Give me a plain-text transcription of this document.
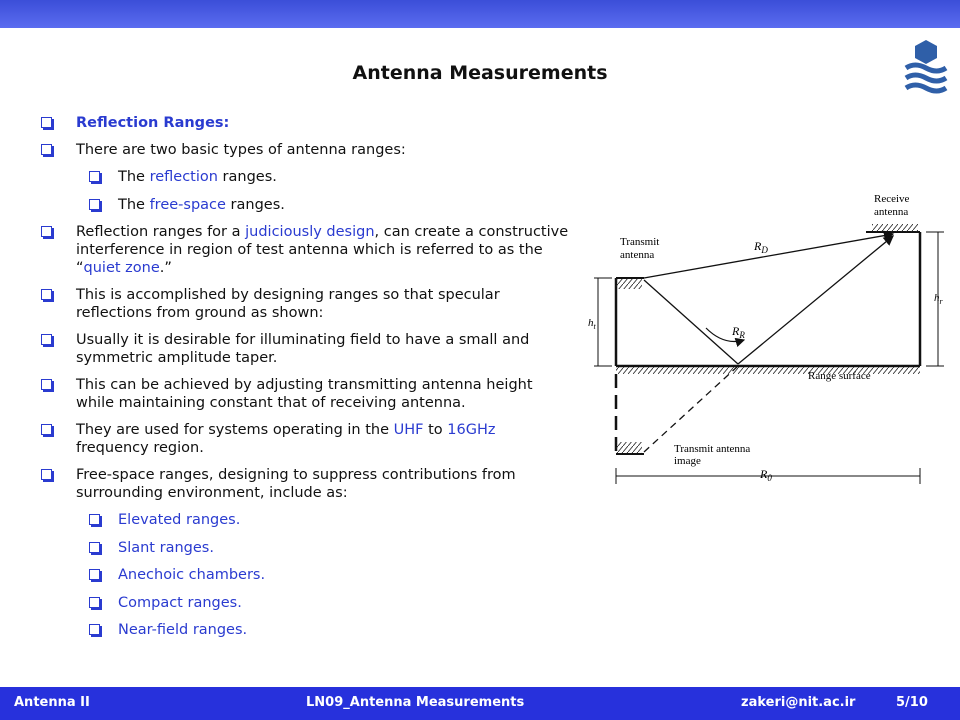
Antenna Measurements
Reflection Ranges:
There are two basic types of antenna ranges:
The reflection ranges.
The free-space ranges.
Reflection ranges for a judiciously design, can create a constructive interference in region of test antenna which is referred to as the “quiet zone.”
This is accomplished by designing ranges so that specular reflections from ground as shown:
Usually it is desirable for illuminating field to have a small and symmetric amplitude taper.
This can be achieved by adjusting transmitting antenna height while maintaining constant that of receiving antenna.
They are used for systems operating in the UHF to 16GHz frequency region.
Free-space ranges, designing to suppress contributions from surrounding environment, include as:
Elevated ranges.
Slant ranges.
Anechoic chambers.
Compact ranges.
Near-field ranges.
Transmit
antenna
Receive
antenna
$R_D$
$R_R$
$h_t$
$h_r$
Range surface
Transmit antenna
image
$R_0$
Antenna II	LN09_Antenna Measurements	zakeri@nit.ac.ir	5/10
